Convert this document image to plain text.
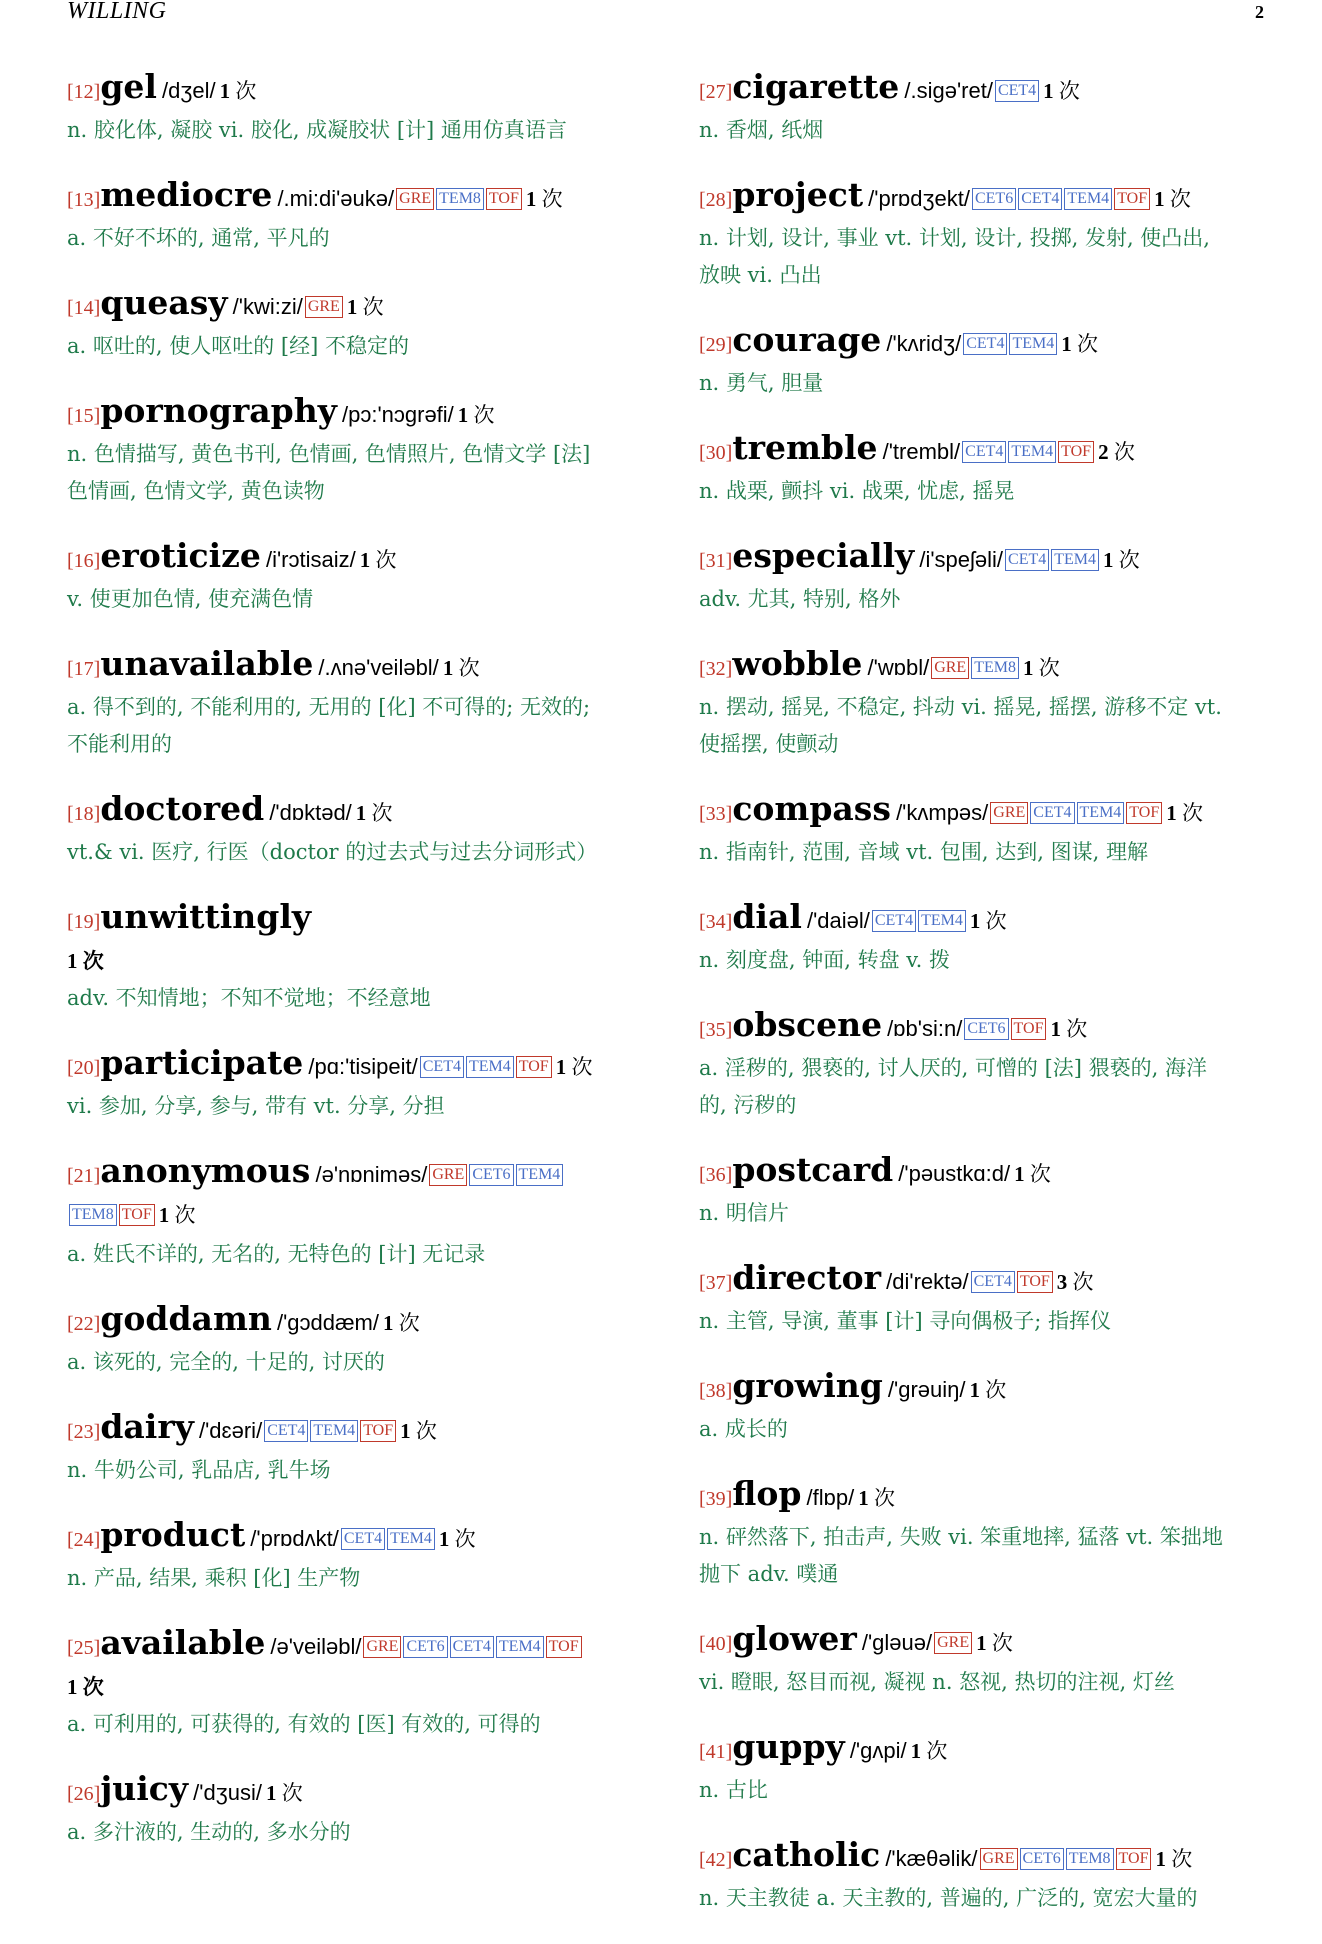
WILLING	2
[12]gel /dʒel/ 1 次
n. 胶化体, 凝胶 vi. 胶化, 成凝胶状 [计] 通用仿真语言
[13]mediocre /.mi:di'əukə/ GRE TEM8 TOF 1 次
a. 不好不坏的, 通常, 平凡的
[14]queasy /'kwi:zi/ GRE 1 次
a. 呕吐的, 使人呕吐的 [经] 不稳定的
[15]pornography /pɔ:'nɔgrəfi/ 1 次
n. 色情描写, 黄色书刊, 色情画, 色情照片, 色情文学 [法]
色情画, 色情文学, 黄色读物
[16]eroticize /i'rɔtisaiz/ 1 次
v. 使更加色情, 使充满色情
[17]unavailable /.ʌnə'veiləbl/ 1 次
a. 得不到的, 不能利用的, 无用的 [化] 不可得的; 无效的;
不能利用的
[18]doctored /'dɒktəd/ 1 次
vt.& vi. 医疗, 行医（doctor 的过去式与过去分词形式）
[19]unwittingly
1 次
adv. 不知情地；不知不觉地；不经意地
[20]participate /pɑ:'tisipeit/ CET4 TEM4 TOF 1 次
vi. 参加, 分享, 参与, 带有 vt. 分享, 分担
[21]anonymous /ə'nɒniməs/ GRE CET6 TEM4
TEM8 TOF 1 次
a. 姓氏不详的, 无名的, 无特色的 [计] 无记录
[22]goddamn /'gɔddæm/ 1 次
a. 该死的, 完全的, 十足的, 讨厌的
[23]dairy /'dɛəri/ CET4 TEM4 TOF 1 次
n. 牛奶公司, 乳品店, 乳牛场
[24]product /'prɒdʌkt/ CET4 TEM4 1 次
n. 产品, 结果, 乘积 [化] 生产物
[25]available /ə'veiləbl/ GRE CET6 CET4 TEM4 TOF
1 次
a. 可利用的, 可获得的, 有效的 [医] 有效的, 可得的
[26]juicy /'dʒusi/ 1 次
a. 多汁液的, 生动的, 多水分的
[27]cigarette /.sigə'ret/ CET4 1 次
n. 香烟, 纸烟
[28]project /'prɒdʒekt/ CET6 CET4 TEM4 TOF 1 次
n. 计划, 设计, 事业 vt. 计划, 设计, 投掷, 发射, 使凸出,
放映 vi. 凸出
[29]courage /'kʌridʒ/ CET4 TEM4 1 次
n. 勇气, 胆量
[30]tremble /'trembl/ CET4 TEM4 TOF 2 次
n. 战栗, 颤抖 vi. 战栗, 忧虑, 摇晃
[31]especially /i'speʃəli/ CET4 TEM4 1 次
adv. 尤其, 特别, 格外
[32]wobble /'wɒbl/ GRE TEM8 1 次
n. 摆动, 摇晃, 不稳定, 抖动 vi. 摇晃, 摇摆, 游移不定 vt.
使摇摆, 使颤动
[33]compass /'kʌmpəs/ GRE CET4 TEM4 TOF 1 次
n. 指南针, 范围, 音域 vt. 包围, 达到, 图谋, 理解
[34]dial /'daiəl/ CET4 TEM4 1 次
n. 刻度盘, 钟面, 转盘 v. 拨
[35]obscene /ɒb'si:n/ CET6 TOF 1 次
a. 淫秽的, 猥亵的, 讨人厌的, 可憎的 [法] 猥亵的, 海洋
的, 污秽的
[36]postcard /'pəustkɑ:d/ 1 次
n. 明信片
[37]director /di'rektə/ CET4 TOF 3 次
n. 主管, 导演, 董事 [计] 寻向偶极子; 指挥仪
[38]growing /'grəuiŋ/ 1 次
a. 成长的
[39]flop /flɒp/ 1 次
n. 砰然落下, 拍击声, 失败 vi. 笨重地摔, 猛落 vt. 笨拙地
抛下 adv. 噗通
[40]glower /'gləuə/ GRE 1 次
vi. 瞪眼, 怒目而视, 凝视 n. 怒视, 热切的注视, 灯丝
[41]guppy /'gʌpi/ 1 次
n. 古比
[42]catholic /'kæθəlik/ GRE CET6 TEM8 TOF 1 次
n. 天主教徒 a. 天主教的, 普遍的, 广泛的, 宽宏大量的
